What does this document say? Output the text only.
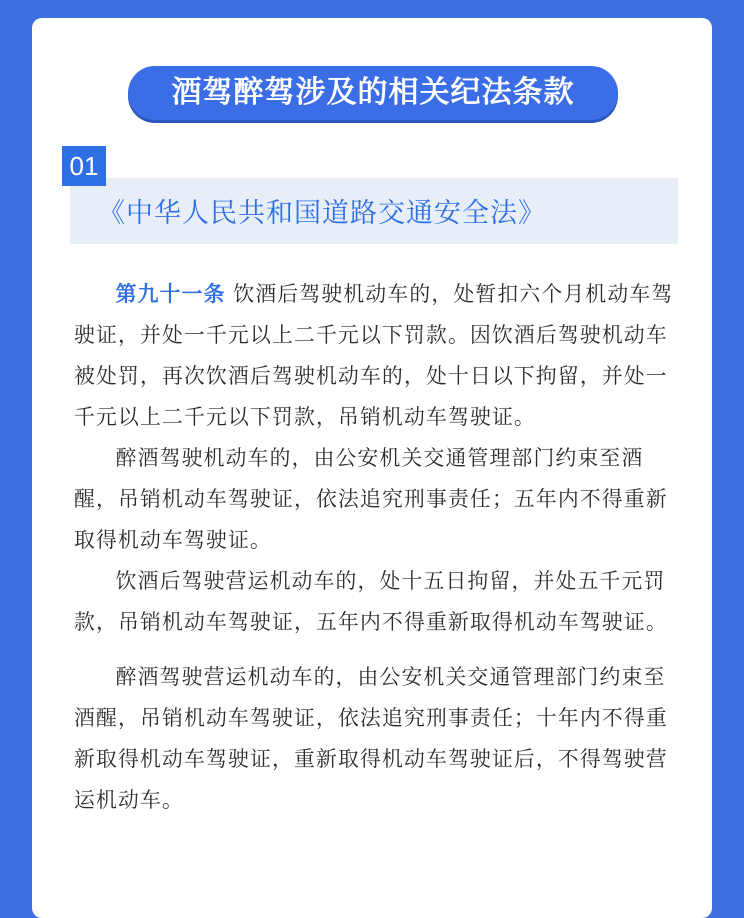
酒驾醉驾涉及的相关纪法条款
《中华人民共和国道路交通安全法》
01

第九十一条 饮酒后驾驶机动车的，处暂扣六个月机动车驾驶证，并处一千元以上二千元以下罚款。因饮酒后驾驶机动车被处罚，再次饮酒后驾驶机动车的，处十日以下拘留，并处一千元以上二千元以下罚款，吊销机动车驾驶证。

醉酒驾驶机动车的，由公安机关交通管理部门约束至酒醒，吊销机动车驾驶证，依法追究刑事责任；五年内不得重新取得机动车驾驶证。

饮酒后驾驶营运机动车的，处十五日拘留，并处五千元罚款，吊销机动车驾驶证，五年内不得重新取得机动车驾驶证。

醉酒驾驶营运机动车的，由公安机关交通管理部门约束至酒醒，吊销机动车驾驶证，依法追究刑事责任；十年内不得重新取得机动车驾驶证，重新取得机动车驾驶证后，不得驾驶营运机动车。
